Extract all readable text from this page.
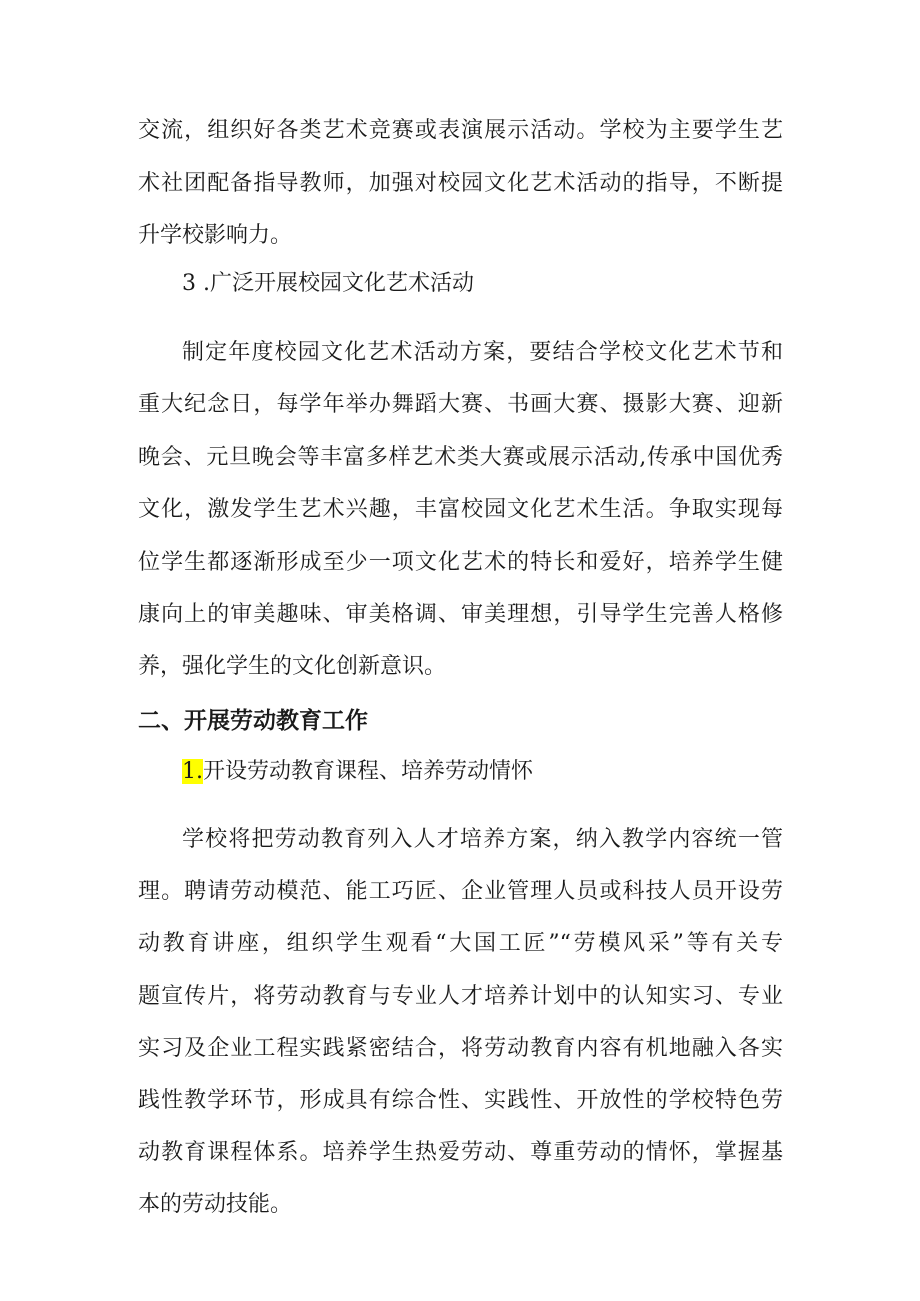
交流，组织好各类艺术竞赛或表演展示活动。学校为主要学生艺
术社团配备指导教师，加强对校园文化艺术活动的指导，不断提
升学校影响力。
3 .广泛开展校园文化艺术活动
制定年度校园文化艺术活动方案，要结合学校文化艺术节和
重大纪念日，每学年举办舞蹈大赛、书画大赛、摄影大赛、迎新
晚会、元旦晚会等丰富多样艺术类大赛或展示活动,传承中国优秀
文化，激发学生艺术兴趣，丰富校园文化艺术生活。争取实现每
位学生都逐渐形成至少一项文化艺术的特长和爱好，培养学生健
康向上的审美趣味、审美格调、审美理想，引导学生完善人格修
养，强化学生的文化创新意识。
二、开展劳动教育工作
1.开设劳动教育课程、培养劳动情怀
学校将把劳动教育列入人才培养方案，纳入教学内容统一管
理。聘请劳动模范、能工巧匠、企业管理人员或科技人员开设劳
动教育讲座，组织学生观看“大国工匠”“劳模风采”等有关专
题宣传片，将劳动教育与专业人才培养计划中的认知实习、专业
实习及企业工程实践紧密结合，将劳动教育内容有机地融入各实
践性教学环节，形成具有综合性、实践性、开放性的学校特色劳
动教育课程体系。培养学生热爱劳动、尊重劳动的情怀，掌握基
本的劳动技能。
